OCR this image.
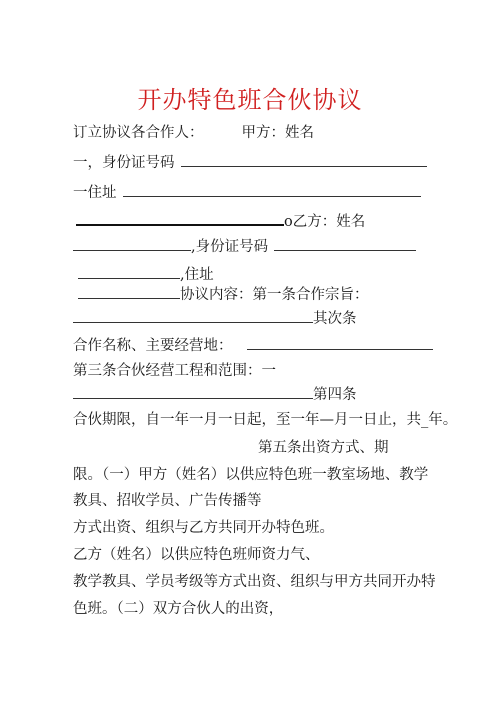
开办特色班合伙协议
订立协议各合作人：	甲方：姓名
一，身份证号码
一住址
o乙方：姓名
,身份证号码
,住址
协议内容：第一条合作宗旨：
其次条
合作名称、主要经营地：
第三条合伙经营工程和范围：一
第四条
合伙期限，自一年一月一日起，至一年—月一日止，共_年。
第五条出资方式、期
限。（一）甲方（姓名）以供应特色班一教室场地、教学
教具、招收学员、广告传播等
方式出资、组织与乙方共同开办特色班。
乙方（姓名）以供应特色班师资力气、
教学教具、学员考级等方式出资、组织与甲方共同开办特
色班。（二）双方合伙人的出资，
